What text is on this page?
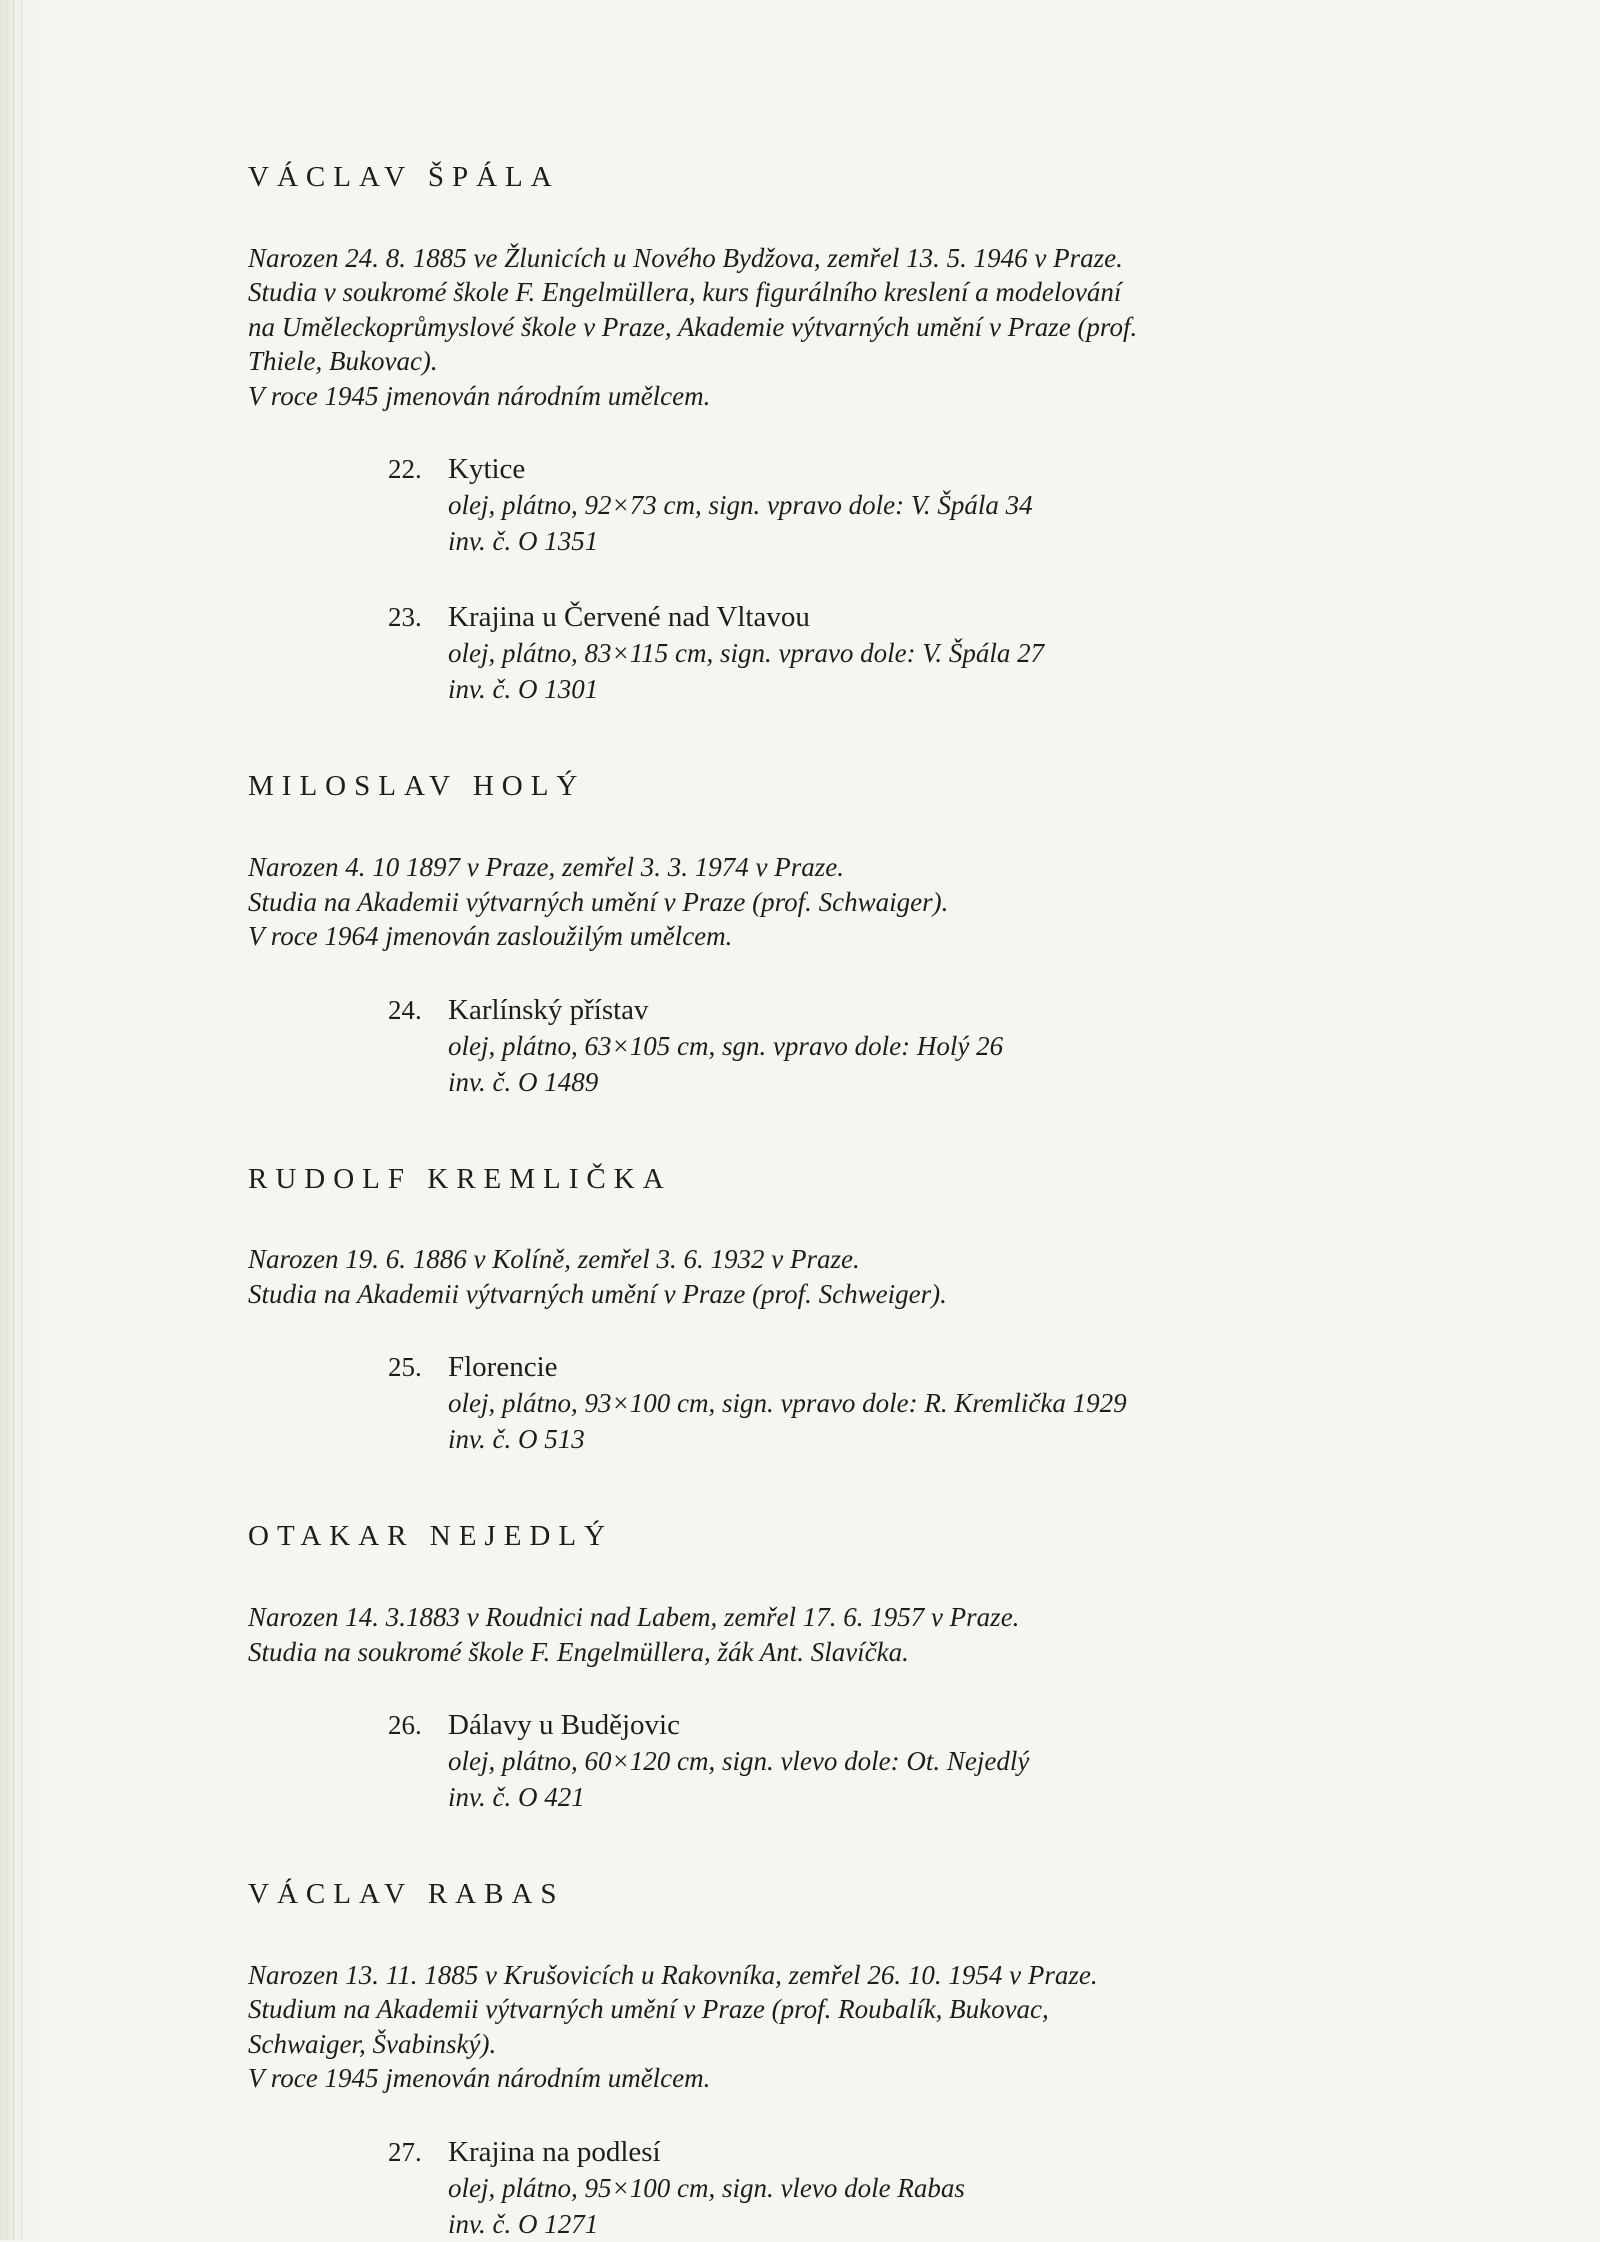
VÁCLAV ŠPÁLA
Narozen 24. 8. 1885 ve Žlunicích u Nového Bydžova, zemřel 13. 5. 1946 v Praze.
Studia v soukromé škole F. Engelmüllera, kurs figurálního kreslení a modelování
na Uměleckoprůmyslové škole v Praze, Akademie výtvarných umění v Praze (prof.
Thiele, Bukovac).
V roce 1945 jmenován národním umělcem.
22. Kytice
olej, plátno, 92×73 cm, sign. vpravo dole: V. Špála 34
inv. č. O 1351
23. Krajina u Červené nad Vltavou
olej, plátno, 83×115 cm, sign. vpravo dole: V. Špála 27
inv. č. O 1301
MILOSLAV HOLÝ
Narozen 4. 10 1897 v Praze, zemřel 3. 3. 1974 v Praze.
Studia na Akademii výtvarných umění v Praze (prof. Schwaiger).
V roce 1964 jmenován zasloužilým umělcem.
24. Karlínský přístav
olej, plátno, 63×105 cm, sgn. vpravo dole: Holý 26
inv. č. O 1489
RUDOLF KREMLIČKA
Narozen 19. 6. 1886 v Kolíně, zemřel 3. 6. 1932 v Praze.
Studia na Akademii výtvarných umění v Praze (prof. Schweiger).
25. Florencie
olej, plátno, 93×100 cm, sign. vpravo dole: R. Kremlička 1929
inv. č. O 513
OTAKAR NEJEDLÝ
Narozen 14. 3.1883 v Roudnici nad Labem, zemřel 17. 6. 1957 v Praze.
Studia na soukromé škole F. Engelmüllera, žák Ant. Slavíčka.
26. Dálavy u Budějovic
olej, plátno, 60×120 cm, sign. vlevo dole: Ot. Nejedlý
inv. č. O 421
VÁCLAV RABAS
Narozen 13. 11. 1885 v Krušovicích u Rakovníka, zemřel 26. 10. 1954 v Praze.
Studium na Akademii výtvarných umění v Praze (prof. Roubalík, Bukovac,
Schwaiger, Švabinský).
V roce 1945 jmenován národním umělcem.
27. Krajina na podlesí
olej, plátno, 95×100 cm, sign. vlevo dole Rabas
inv. č. O 1271
